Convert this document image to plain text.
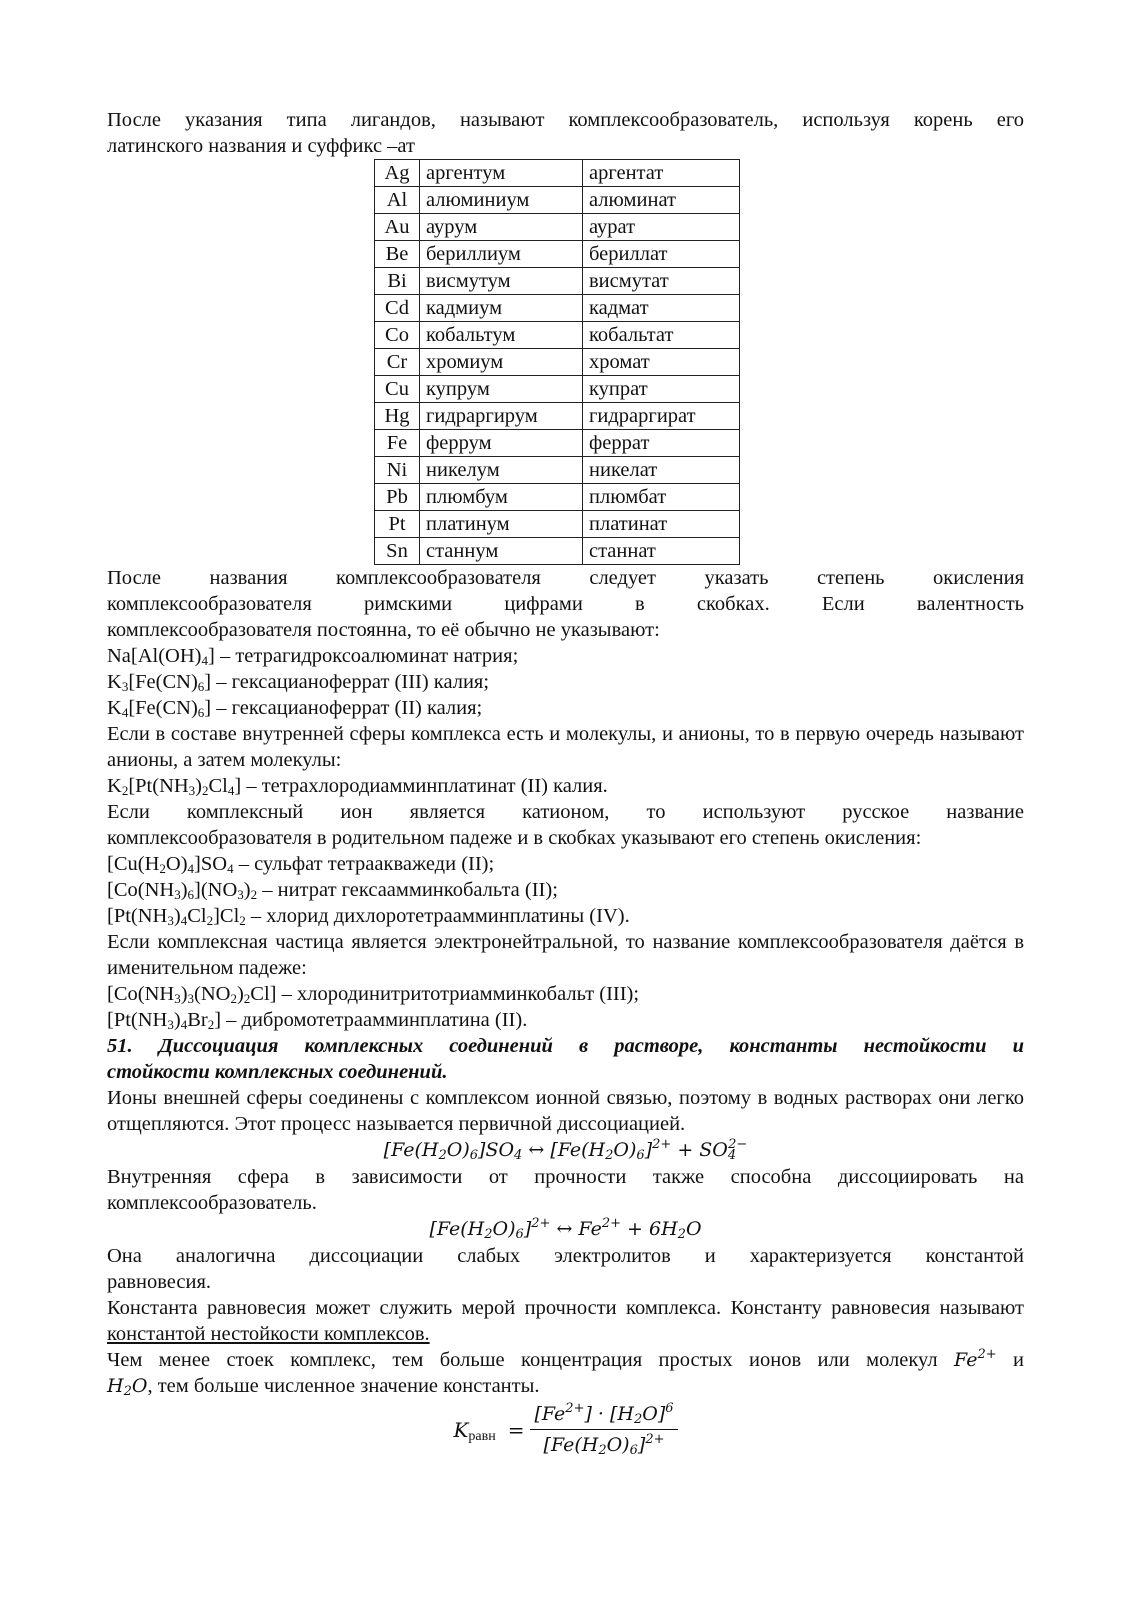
После указания типа лигандов, называют комплексообразователь, используя корень его

латинского названия и суффикс –ат

Ag	аргентум	аргентат
Al	алюминиум	алюминат
Au	аурум	аурат
Be	бериллиум	бериллат
Bi	висмутум	висмутат
Cd	кадмиум	кадмат
Co	кобальтум	кобальтат
Cr	хромиум	хромат
Cu	купрум	купрат
Hg	гидраргирум	гидраргират
Fe	феррум	феррат
Ni	никелум	никелат
Pb	плюмбум	плюмбат
Pt	платинум	платинат
Sn	станнум	станнат

После названия комплексообразователя следует указать степень окисления

комплексообразователя римскими цифрами в скобках. Если валентность

комплексообразователя постоянна, то её обычно не указывают:

$Na[Al(OH)_4]$ – тетрагидроксоалюминат натрия;

$K_3[Fe(CN)_6]$ – гексацианоферрат (III) калия;

$K_4[Fe(CN)_6]$ – гексацианоферрат (II) калия;

Если в составе внутренней сферы комплекса есть и молекулы, и анионы, то в первую очередь называют анионы, а затем молекулы:

$K_2[Pt(NH_3)_2Cl_4]$ – тетрахлородиамминплатинат (II) калия.

Если комплексный ион является катионом, то используют русское название

комплексообразователя в родительном падеже и в скобках указывают его степень окисления:

$[Cu(H_2O)_4]SO_4$ – сульфат тетраакважеди (II);

$[Co(NH_3)_6](NO_3)_2$ – нитрат гексаамминкобальта (II);

$[Pt(NH_3)_4Cl_2]Cl_2$ – хлорид дихлоротетраамминплатины (IV).

Если комплексная частица является электронейтральной, то название комплексообразователя даётся в именительном падеже:

$[Co(NH_3)_3(NO_2)_2Cl]$ – хлородинитритотриамминкобальт (III);

$[Pt(NH_3)_4Br_2]$ – дибромотетраамминплатина (II).

51. Диссоциация комплексных соединений в растворе, константы нестойкости и
стойкости комплексных соединений.

Ионы внешней сферы соединены с комплексом ионной связью, поэтому в водных растворах они легко отщепляются. Этот процесс называется первичной диссоциацией.

$[Fe(H_2O)_6]SO_4$ ↔ $[Fe(H_2O)_6]^{2+} + SO_4^{2-}$

Внутренняя сфера в зависимости от прочности также способна диссоциировать на

комплексообразователь.

$[Fe(H_2O)_6]^{2+}$ ↔ $Fe^{2+} + 6H_2O$

Она аналогична диссоциации слабых электролитов и характеризуется константой

равновесия.

Константа равновесия может служить мерой прочности комплекса. Константу равновесия называют константой нестойкости комплексов.

Чем менее стоек комплекс, тем больше концентрация простых ионов или молекул $Fe^{2+}$ и

$H_2O$, тем больше численное значение константы.

$K_{равн} = \frac{[Fe^{2+}] \cdot [H_2O]^6}{[Fe(H_2O)_6]^{2+}}$
